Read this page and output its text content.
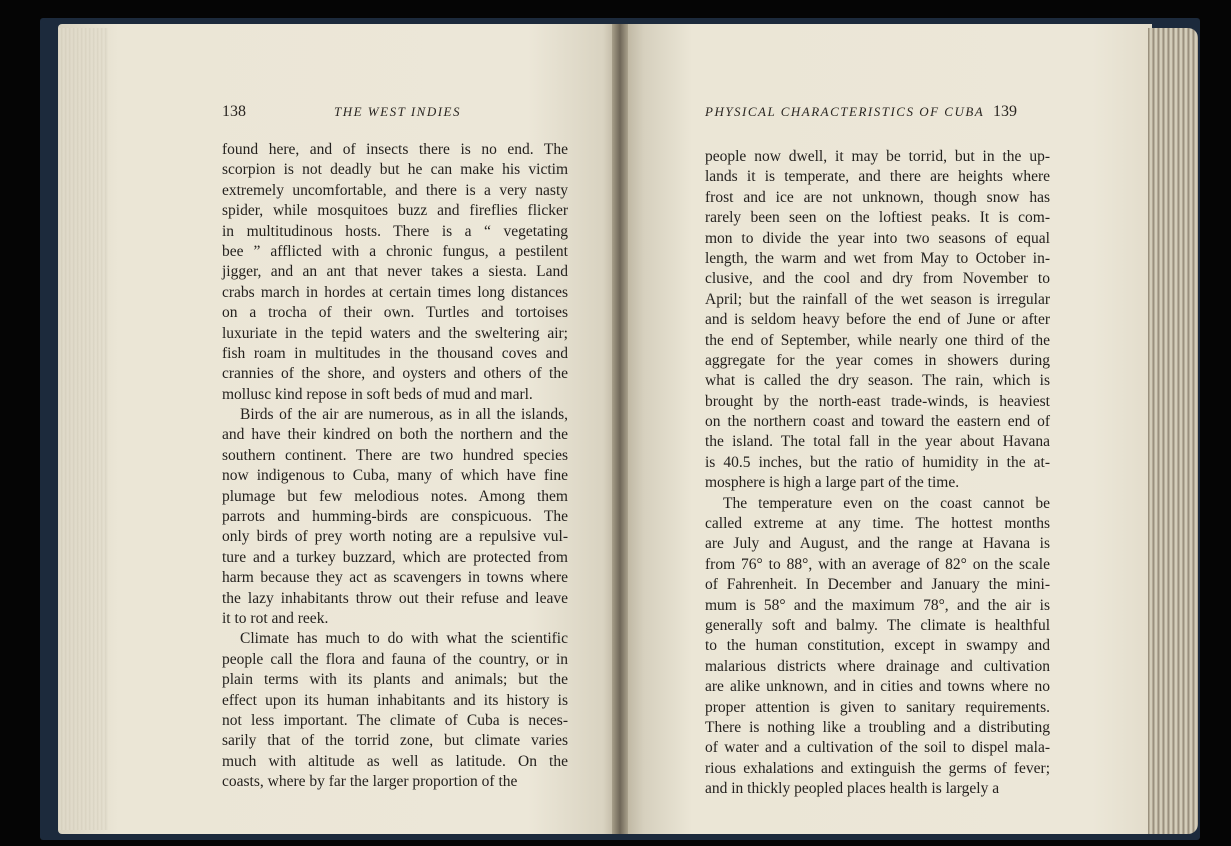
138	THE WEST INDIES	PHYSICAL CHARACTERISTICS OF CUBA 139
found here, and of insects there is no end. The
scorpion is not deadly but he can make his victim
extremely uncomfortable, and there is a very nasty
spider, while mosquitoes buzz and fireflies flicker
in multitudinous hosts. There is a “ vegetating
bee ” afflicted with a chronic fungus, a pestilent
jigger, and an ant that never takes a siesta. Land
crabs march in hordes at certain times long distances
on a trocha of their own. Turtles and tortoises
luxuriate in the tepid waters and the sweltering air;
fish roam in multitudes in the thousand coves and
crannies of the shore, and oysters and others of the
mollusc kind repose in soft beds of mud and marl.
Birds of the air are numerous, as in all the islands,
and have their kindred on both the northern and the
southern continent. There are two hundred species
now indigenous to Cuba, many of which have fine
plumage but few melodious notes. Among them
parrots and humming-birds are conspicuous. The
only birds of prey worth noting are a repulsive vul-
ture and a turkey buzzard, which are protected from
harm because they act as scavengers in towns where
the lazy inhabitants throw out their refuse and leave
it to rot and reek.
Climate has much to do with what the scientific
people call the flora and fauna of the country, or in
plain terms with its plants and animals; but the
effect upon its human inhabitants and its history is
not less important. The climate of Cuba is neces-
sarily that of the torrid zone, but climate varies
much with altitude as well as latitude. On the
coasts, where by far the larger proportion of the
people now dwell, it may be torrid, but in the up-
lands it is temperate, and there are heights where
frost and ice are not unknown, though snow has
rarely been seen on the loftiest peaks. It is com-
mon to divide the year into two seasons of equal
length, the warm and wet from May to October in-
clusive, and the cool and dry from November to
April; but the rainfall of the wet season is irregular
and is seldom heavy before the end of June or after
the end of September, while nearly one third of the
aggregate for the year comes in showers during
what is called the dry season. The rain, which is
brought by the north-east trade-winds, is heaviest
on the northern coast and toward the eastern end of
the island. The total fall in the year about Havana
is 40.5 inches, but the ratio of humidity in the at-
mosphere is high a large part of the time.
The temperature even on the coast cannot be
called extreme at any time. The hottest months
are July and August, and the range at Havana is
from 76° to 88°, with an average of 82° on the scale
of Fahrenheit. In December and January the mini-
mum is 58° and the maximum 78°, and the air is
generally soft and balmy. The climate is healthful
to the human constitution, except in swampy and
malarious districts where drainage and cultivation
are alike unknown, and in cities and towns where no
proper attention is given to sanitary requirements.
There is nothing like a troubling and a distributing
of water and a cultivation of the soil to dispel mala-
rious exhalations and extinguish the germs of fever;
and in thickly peopled places health is largely a
